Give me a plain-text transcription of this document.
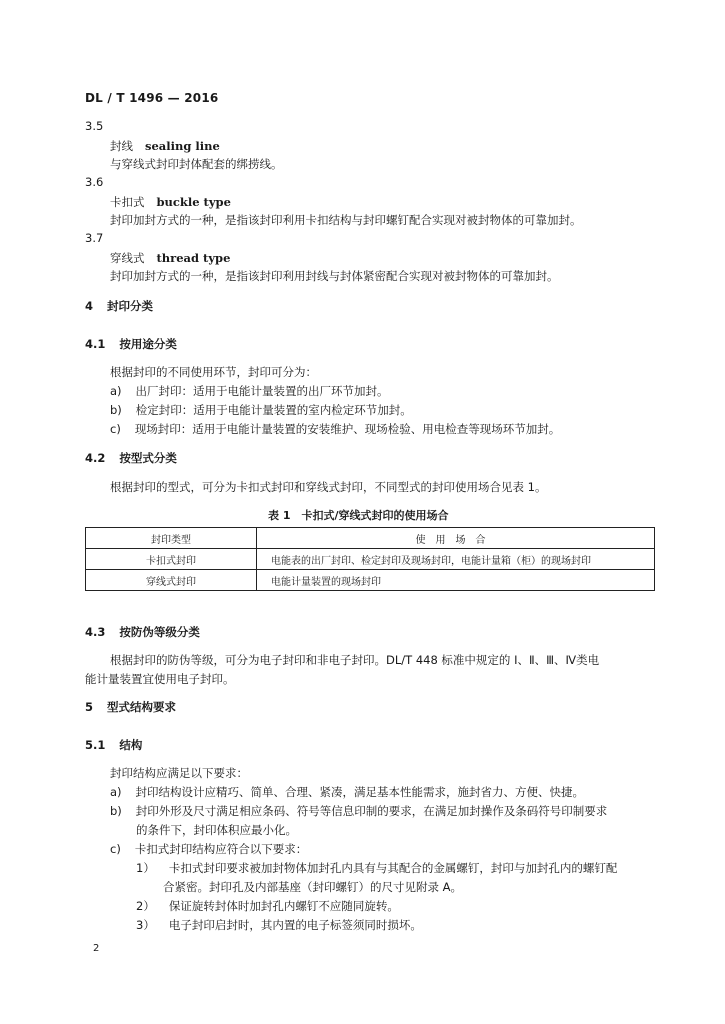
DL / T 1496 — 2016
3.5
封线 sealing line
与穿线式封印封体配套的绑捞线。
3.6
卡扣式 buckle type
封印加封方式的一种，是指该封印利用卡扣结构与封印螺钉配合实现对被封物体的可靠加封。
3.7
穿线式 thread type
封印加封方式的一种，是指该封印利用封线与封体紧密配合实现对被封物体的可靠加封。
4 封印分类
4.1 按用途分类
根据封印的不同使用环节，封印可分为：
a) 出厂封印：适用于电能计量装置的出厂环节加封。
b) 检定封印：适用于电能计量装置的室内检定环节加封。
c) 现场封印：适用于电能计量装置的安装维护、现场检验、用电检查等现场环节加封。
4.2 按型式分类
根据封印的型式，可分为卡扣式封印和穿线式封印，不同型式的封印使用场合见表 1。
表 1　卡扣式/穿线式封印的使用场合
封印类型	使用场合
卡扣式封印	电能表的出厂封印、检定封印及现场封印，电能计量箱（柜）的现场封印
穿线式封印	电能计量装置的现场封印
4.3 按防伪等级分类
根据封印的防伪等级，可分为电子封印和非电子封印。DL/T 448 标准中规定的 Ⅰ、Ⅱ、Ⅲ、Ⅳ类电
能计量装置宜使用电子封印。
5 型式结构要求
5.1 结构
封印结构应满足以下要求：
a) 封印结构设计应精巧、简单、合理、紧凑，满足基本性能需求，施封省力、方便、快捷。
b) 封印外形及尺寸满足相应条码、符号等信息印制的要求，在满足加封操作及条码符号印制要求
的条件下，封印体积应最小化。
c) 卡扣式封印结构应符合以下要求：
1） 卡扣式封印要求被加封物体加封孔内具有与其配合的金属螺钉，封印与加封孔内的螺钉配
合紧密。封印孔及内部基座（封印螺钉）的尺寸见附录 A。
2） 保证旋转封体时加封孔内螺钉不应随同旋转。
3） 电子封印启封时，其内置的电子标签须同时损坏。
2
